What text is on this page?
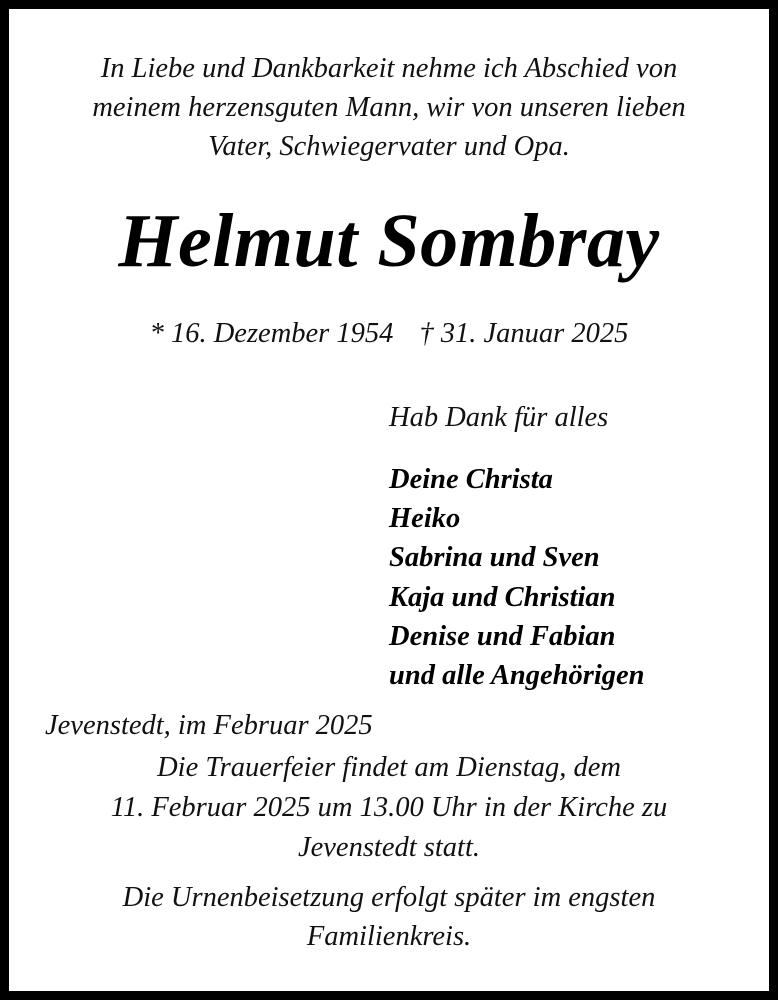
In Liebe und Dankbarkeit nehme ich Abschied von
meinem herzensguten Mann, wir von unseren lieben
Vater, Schwiegervater und Opa.
Helmut Sombray
* 16. Dezember 1954 † 31. Januar 2025
Hab Dank für alles
Deine Christa
Heiko
Sabrina und Sven
Kaja und Christian
Denise und Fabian
und alle Angehörigen
Jevenstedt, im Februar 2025
Die Trauerfeier findet am Dienstag, dem
11. Februar 2025 um 13.00 Uhr in der Kirche zu
Jevenstedt statt.
Die Urnenbeisetzung erfolgt später im engsten
Familienkreis.
